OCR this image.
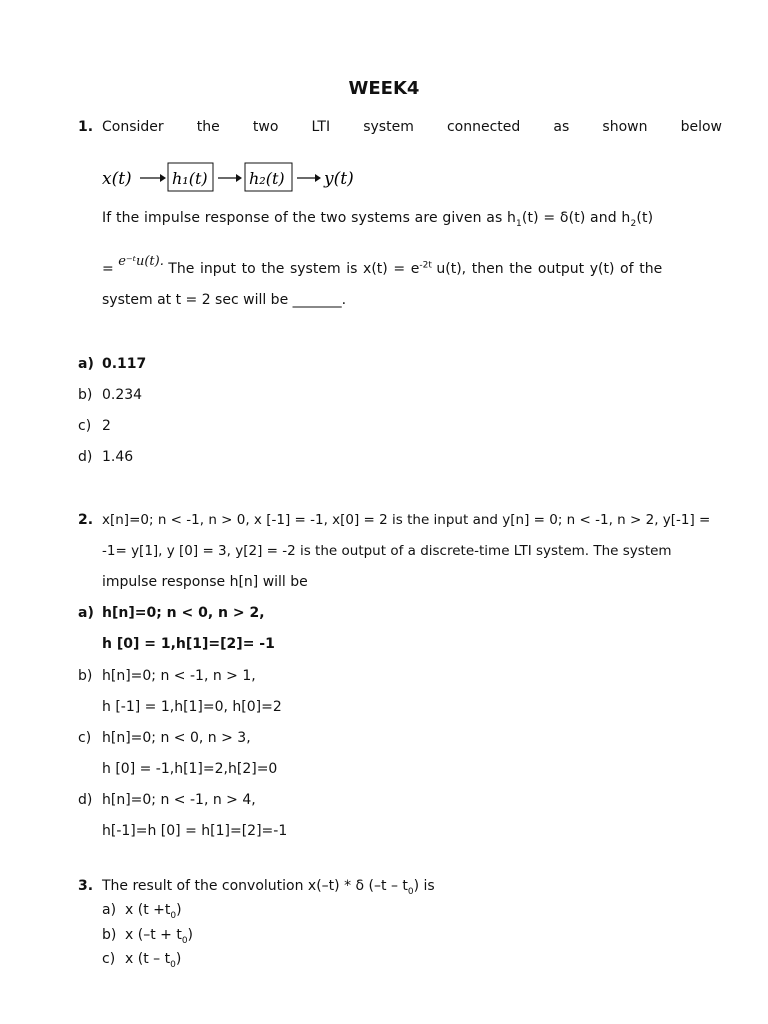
WEEK4
1. Consider the two LTI system connected as shown below
x(t)	h₁(t)	h₂(t) y(t)
If the impulse response of the two systems are given as $h_1(t) = \delta(t)$ and $h_2(t)$
= e⁻ᵗu(t). The input to the system is $x(t) = e^{-2t}$ u(t), then the output y(t) of the
system at t = 2 sec will be _______.
a) 0.117
b) 0.234
c) 2
d) 1.46
2. x[n]=0; n < -1, n > 0, x [-1] = -1, x[0] = 2 is the input and y[n] = 0; n < -1, n > 2, y[-1] =
-1= y[1], y [0] = 3, y[2] = -2 is the output of a discrete-time LTI system. The system
impulse response h[n] will be
a) h[n]=0; n < 0, n > 2,
h [0] = 1,h[1]=[2]= -1
b) h[n]=0; n < -1, n > 1,
h [-1] = 1,h[1]=0, h[0]=2
c) h[n]=0; n < 0, n > 3,
h [0] = -1,h[1]=2,h[2]=0
d) h[n]=0; n < -1, n > 4,
h[-1]=h [0] = h[1]=[2]=-1
3. The result of the convolution x(–t) * δ $(-t - t_0)$ is
a) x $(t +t_0)$
b) x $(-t + t_0)$
c) x $(t - t_0)$
